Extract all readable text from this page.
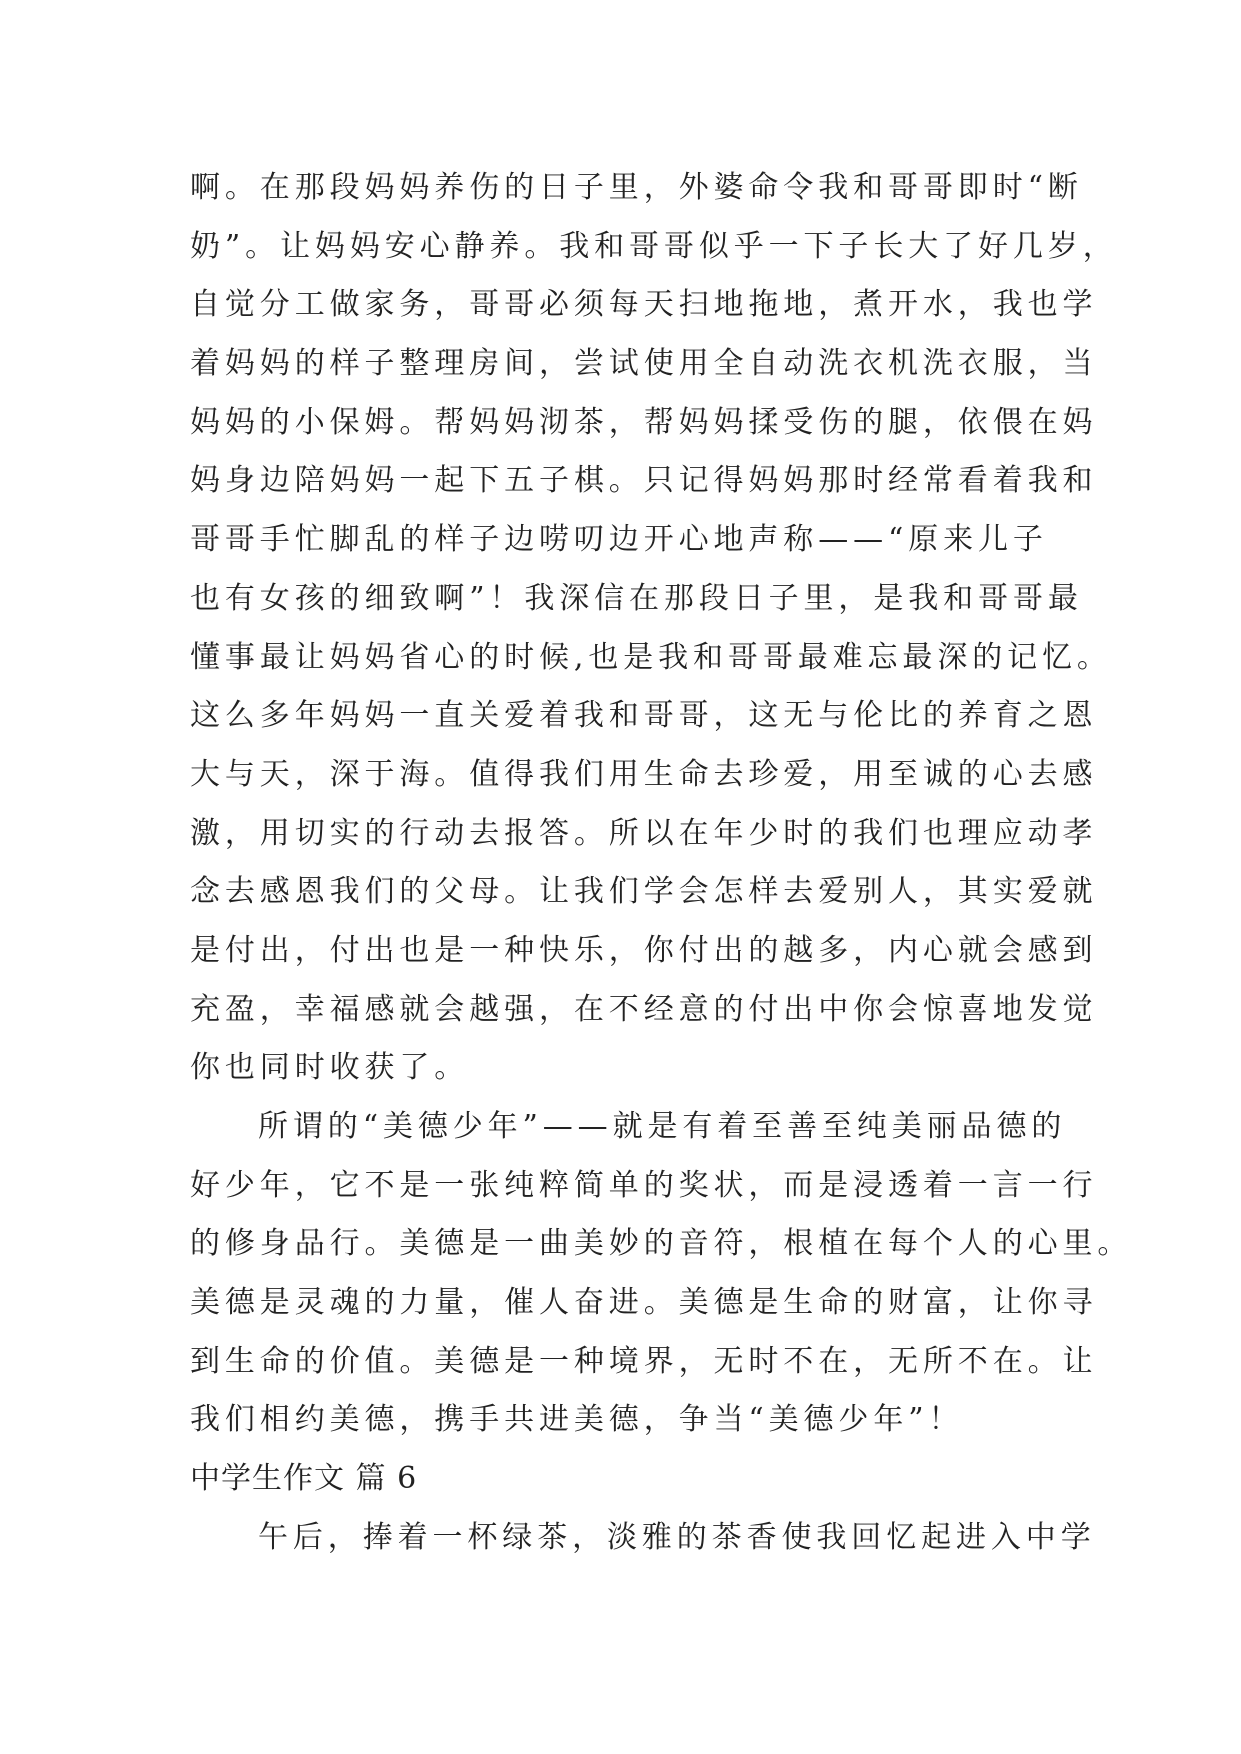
啊。在那段妈妈养伤的日子里，外婆命令我和哥哥即时“断
奶”。让妈妈安心静养。我和哥哥似乎一下子长大了好几岁，
自觉分工做家务，哥哥必须每天扫地拖地，煮开水，我也学
着妈妈的样子整理房间，尝试使用全自动洗衣机洗衣服，当
妈妈的小保姆。帮妈妈沏茶，帮妈妈揉受伤的腿，依偎在妈
妈身边陪妈妈一起下五子棋。只记得妈妈那时经常看着我和
哥哥手忙脚乱的样子边唠叨边开心地声称——“原来儿子
也有女孩的细致啊”！我深信在那段日子里，是我和哥哥最
懂事最让妈妈省心的时候,也是我和哥哥最难忘最深的记忆。
这么多年妈妈一直关爱着我和哥哥，这无与伦比的养育之恩
大与天，深于海。值得我们用生命去珍爱，用至诚的心去感
激，用切实的行动去报答。所以在年少时的我们也理应动孝
念去感恩我们的父母。让我们学会怎样去爱别人，其实爱就
是付出，付出也是一种快乐，你付出的越多，内心就会感到
充盈，幸福感就会越强，在不经意的付出中你会惊喜地发觉
你也同时收获了。
所谓的“美德少年”——就是有着至善至纯美丽品德的
好少年，它不是一张纯粹简单的奖状，而是浸透着一言一行
的修身品行。美德是一曲美妙的音符，根植在每个人的心里。
美德是灵魂的力量，催人奋进。美德是生命的财富，让你寻
到生命的价值。美德是一种境界，无时不在，无所不在。让
我们相约美德，携手共进美德，争当“美德少年”！
中学生作文 篇 6
午后，捧着一杯绿茶，淡雅的茶香使我回忆起进入中学
